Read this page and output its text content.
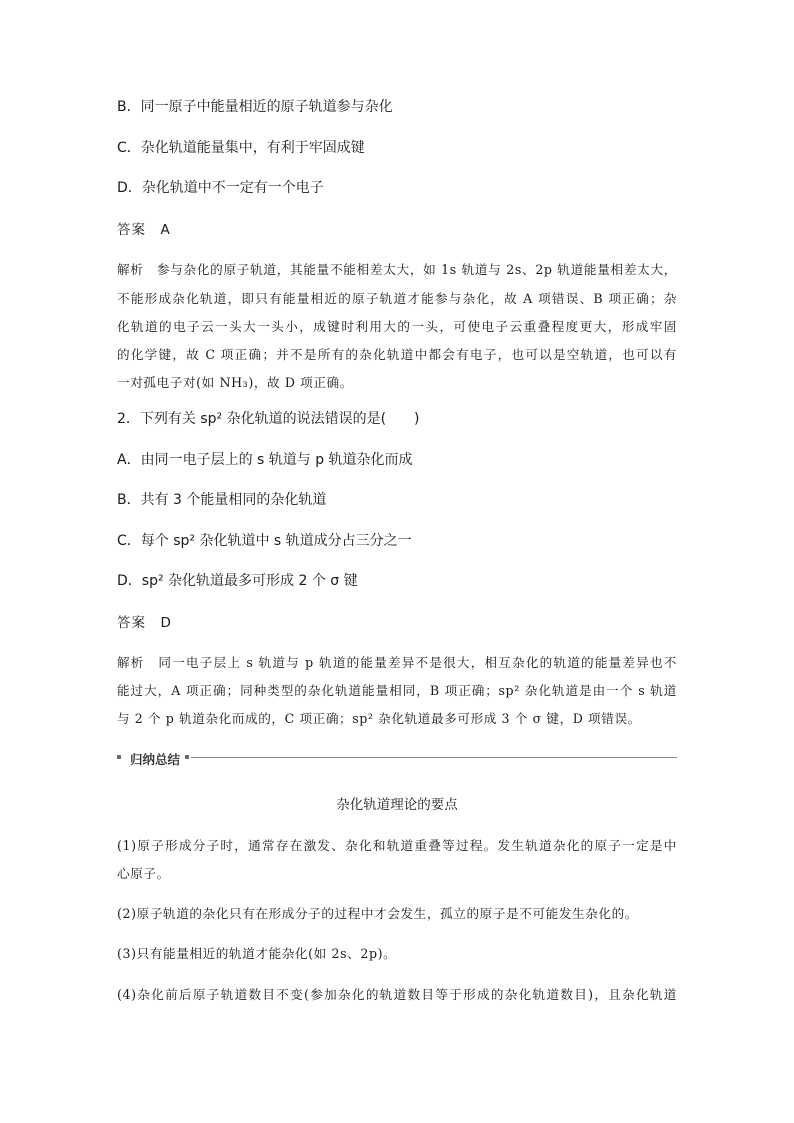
B．同一原子中能量相近的原子轨道参与杂化
C．杂化轨道能量集中，有利于牢固成键
D．杂化轨道中不一定有一个电子
答案　A
解析　参与杂化的原子轨道，其能量不能相差太大，如 1s 轨道与 2s、2p 轨道能量相差太大，
不能形成杂化轨道，即只有能量相近的原子轨道才能参与杂化，故 A 项错误、B 项正确；杂
化轨道的电子云一头大一头小，成键时利用大的一头，可使电子云重叠程度更大，形成牢固
的化学键，故 C 项正确；并不是所有的杂化轨道中都会有电子，也可以是空轨道，也可以有
一对孤电子对(如 NH₃)，故 D 项正确。
2．下列有关 sp² 杂化轨道的说法错误的是(　　)
A．由同一电子层上的 s 轨道与 p 轨道杂化而成
B．共有 3 个能量相同的杂化轨道
C．每个 sp² 杂化轨道中 s 轨道成分占三分之一
D．sp² 杂化轨道最多可形成 2 个 σ 键
答案　D
解析　同一电子层上 s 轨道与 p 轨道的能量差异不是很大，相互杂化的轨道的能量差异也不
能过大，A 项正确；同种类型的杂化轨道能量相同，B 项正确；sp² 杂化轨道是由一个 s 轨道
与 2 个 p 轨道杂化而成的，C 项正确；sp² 杂化轨道最多可形成 3 个 σ 键，D 项错误。
归纳总结
杂化轨道理论的要点
(1)原子形成分子时，通常存在激发、杂化和轨道重叠等过程。发生轨道杂化的原子一定是中
心原子。
(2)原子轨道的杂化只有在形成分子的过程中才会发生，孤立的原子是不可能发生杂化的。
(3)只有能量相近的轨道才能杂化(如 2s、2p)。
(4)杂化前后原子轨道数目不变(参加杂化的轨道数目等于形成的杂化轨道数目)，且杂化轨道
